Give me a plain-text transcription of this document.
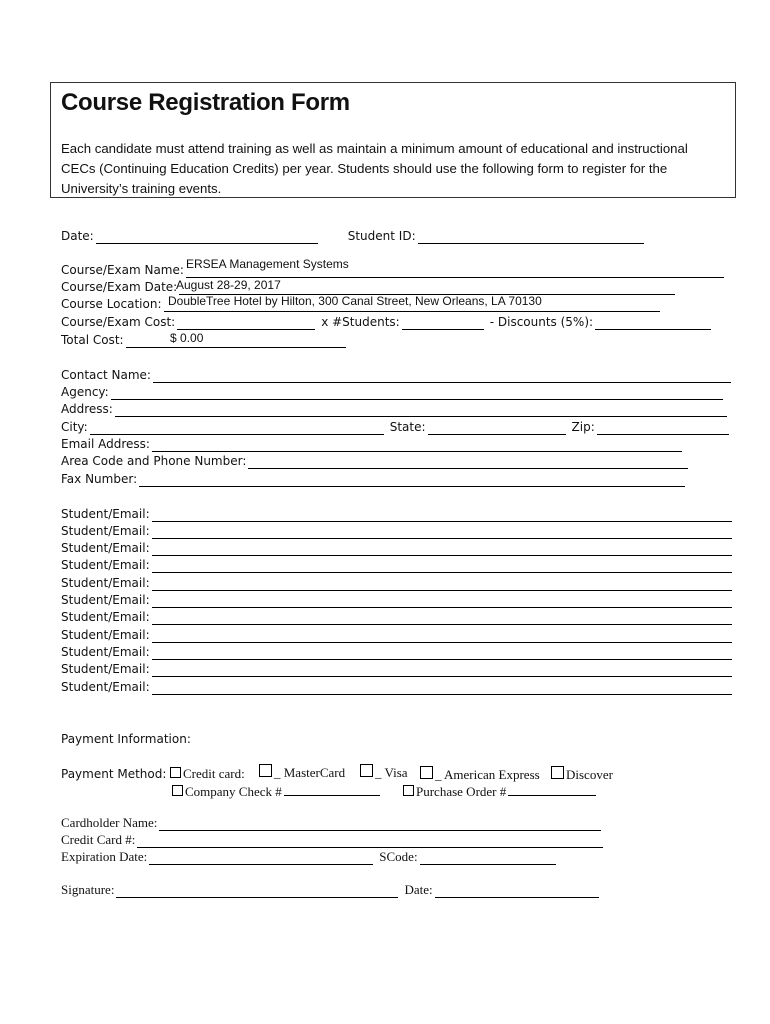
Course Registration Form
Each candidate must attend training as well as maintain a minimum amount of educational and instructional CECs (Continuing Education Credits) per year. Students should use the following form to register for the University’s training events.
Date:	Student ID:
Course/Exam Name: ERSEA Management Systems
Course/Exam Date:
August 28-29, 2017
Course Location: DoubleTree Hotel by Hilton, 300 Canal Street, New Orleans, LA 70130
Course/Exam Cost:	x #Students:	- Discounts (5%):
Total Cost:	$ 0.00
Contact Name:
Agency:
Address:
City:	State:	Zip:
Email Address:
Area Code and Phone Number:
Fax Number:
Student/Email:
Student/Email:
Student/Email:
Student/Email:
Student/Email:
Student/Email:
Student/Email:
Student/Email:
Student/Email:
Student/Email:
Student/Email:
Payment Information:
Payment Method:	Credit card:	_ MasterCard	_ Visa	_ American Express	Discover
Company Check #	Purchase Order #
Cardholder Name:
Credit Card #:
Expiration Date:	SCode:
Signature:	Date:
